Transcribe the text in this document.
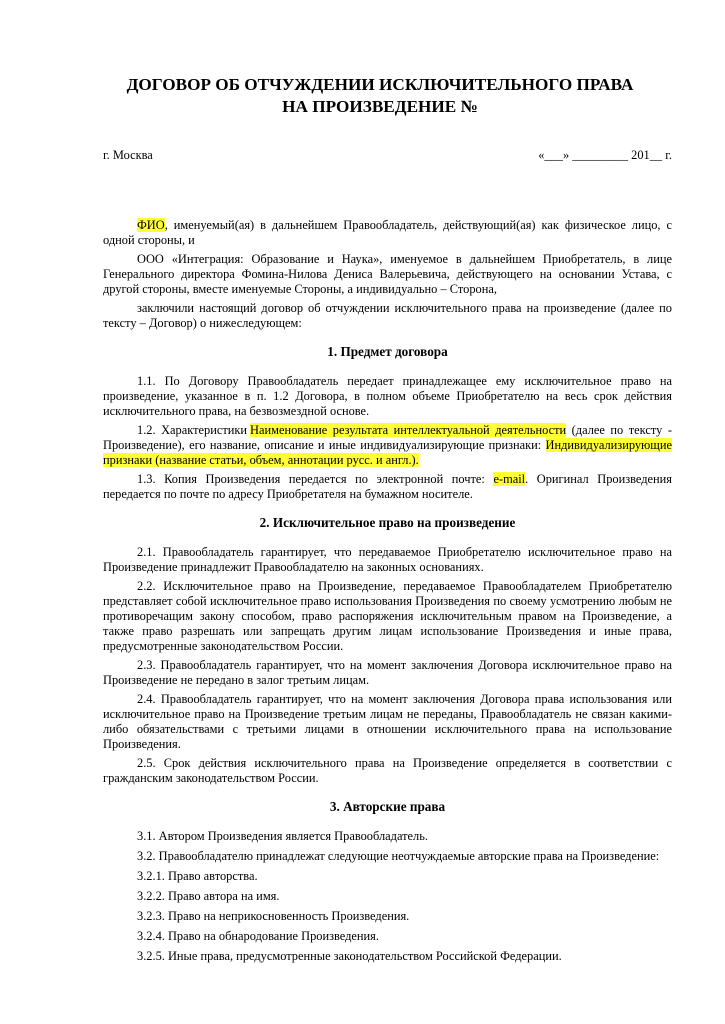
ДОГОВОР ОБ ОТЧУЖДЕНИИ ИСКЛЮЧИТЕЛЬНОГО ПРАВА
НА ПРОИЗВЕДЕНИЕ №
г. Москва	«___» _________ 201__ г.

ФИО, именуемый(ая) в дальнейшем Правообладатель, действующий(ая) как физическое лицо, с одной стороны, и

ООО «Интеграция: Образование и Наука», именуемое в дальнейшем Приобретатель, в лице Генерального директора Фомина-Нилова Дениса Валерьевича, действующего на основании Устава, с другой стороны, вместе именуемые Стороны, а индивидуально – Сторона,

заключили настоящий договор об отчуждении исключительного права на произведение (далее по тексту – Договор) о нижеследующем:

1. Предмет договора

1.1. По Договору Правообладатель передает принадлежащее ему исключительное право на произведение, указанное в п. 1.2 Договора, в полном объеме Приобретателю на весь срок действия исключительного права, на безвозмездной основе.

1.2. Характеристики Наименование результата интеллектуальной деятельности (далее по тексту - Произведение), его название, описание и иные индивидуализирующие признаки: Индивидуализирующие признаки (название статьи, объем, аннотации русс. и англ.).

1.3. Копия Произведения передается по электронной почте: e-mail. Оригинал Произведения передается по почте по адресу Приобретателя на бумажном носителе.

2. Исключительное право на произведение

2.1. Правообладатель гарантирует, что передаваемое Приобретателю исключительное право на Произведение принадлежит Правообладателю на законных основаниях.

2.2. Исключительное право на Произведение, передаваемое Правообладателем Приобретателю представляет собой исключительное право использования Произведения по своему усмотрению любым не противоречащим закону способом, право распоряжения исключительным правом на Произведение, а также право разрешать или запрещать другим лицам использование Произведения и иные права, предусмотренные законодательством России.

2.3. Правообладатель гарантирует, что на момент заключения Договора исключительное право на Произведение не передано в залог третьим лицам.

2.4. Правообладатель гарантирует, что на момент заключения Договора права использования или исключительное право на Произведение третьим лицам не переданы, Правообладатель не связан какими-либо обязательствами с третьими лицами в отношении исключительного права на использование Произведения.

2.5. Срок действия исключительного права на Произведение определяется в соответствии с гражданским законодательством России.

3. Авторские права

3.1. Автором Произведения является Правообладатель.

3.2. Правообладателю принадлежат следующие неотчуждаемые авторские права на Произведение:

3.2.1. Право авторства.

3.2.2. Право автора на имя.

3.2.3. Право на неприкосновенность Произведения.

3.2.4. Право на обнародование Произведения.

3.2.5. Иные права, предусмотренные законодательством Российской Федерации.
